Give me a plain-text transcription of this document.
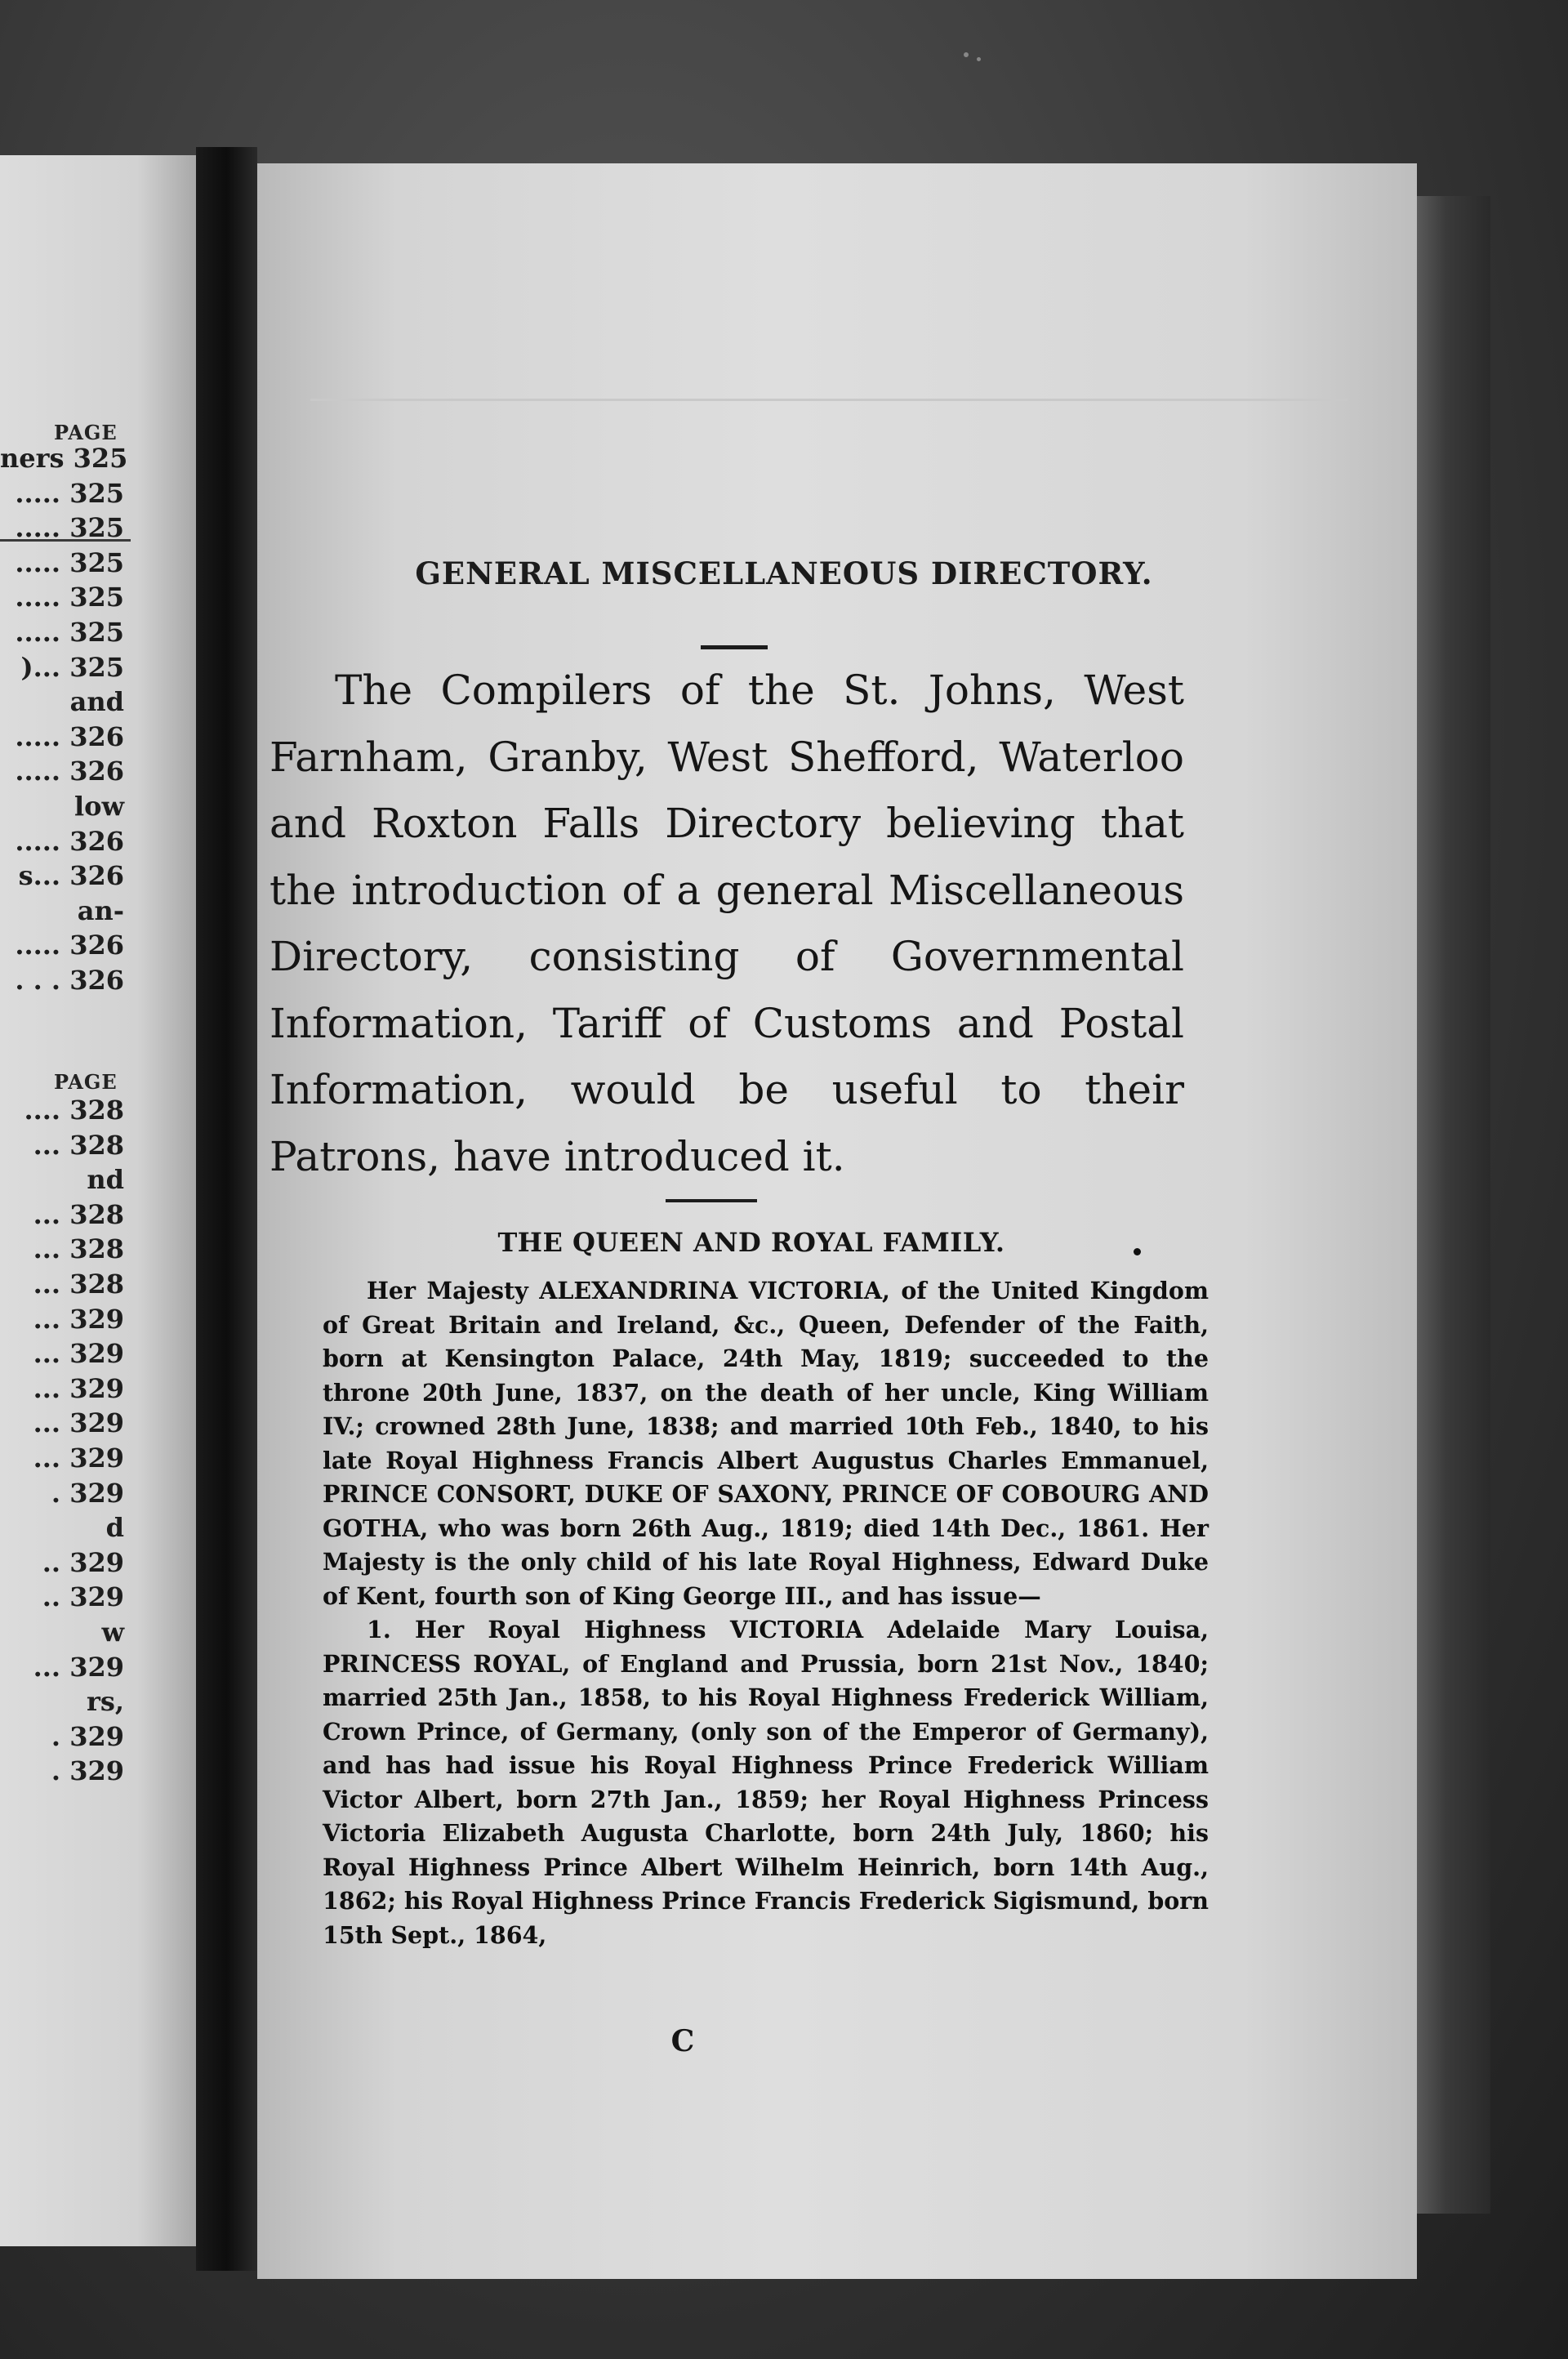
PAGE
ners 325
..... 325
..... 325
..... 325
..... 325
..... 325
)... 325
and
..... 326
..... 326
low
..... 326
s... 326
an-
..... 326
. . . 326
PAGE
.... 328
... 328
nd
... 328
... 328
... 328
... 329
... 329
... 329
... 329
... 329
. 329
d
.. 329
.. 329
w
... 329
rs,
. 329
. 329
GENERAL MISCELLANEOUS DIRECTORY.

The Compilers of the St. Johns, West Farnham, Granby, West Shefford, Waterloo and Roxton Falls Directory believing that the introduction of a general Miscellaneous Directory, consisting of Governmental Information, Tariff of Customs and Postal Information, would be useful to their Patrons, have introduced it.

THE QUEEN AND ROYAL FAMILY.

Her Majesty ALEXANDRINA VICTORIA, of the United Kingdom of Great Britain and Ireland, &c., Queen, Defender of the Faith, born at Kensington Palace, 24th May, 1819; succeeded to the throne 20th June, 1837, on the death of her uncle, King William IV.; crowned 28th June, 1838; and married 10th Feb., 1840, to his late Royal Highness Francis Albert Augustus Charles Emmanuel, PRINCE CONSORT, DUKE OF SAXONY, PRINCE OF COBOURG AND GOTHA, who was born 26th Aug., 1819; died 14th Dec., 1861. Her Majesty is the only child of his late Royal Highness, Edward Duke of Kent, fourth son of King George III., and has issue—

1. Her Royal Highness VICTORIA Adelaide Mary Louisa, PRINCESS ROYAL, of England and Prussia, born 21st Nov., 1840; married 25th Jan., 1858, to his Royal Highness Frederick William, Crown Prince, of Germany, (only son of the Emperor of Germany), and has had issue his Royal Highness Prince Frederick William Victor Albert, born 27th Jan., 1859; her Royal Highness Princess Victoria Elizabeth Augusta Charlotte, born 24th July, 1860; his Royal Highness Prince Albert Wilhelm Heinrich, born 14th Aug., 1862; his Royal Highness Prince Francis Frederick Sigismund, born 15th Sept., 1864,

C
